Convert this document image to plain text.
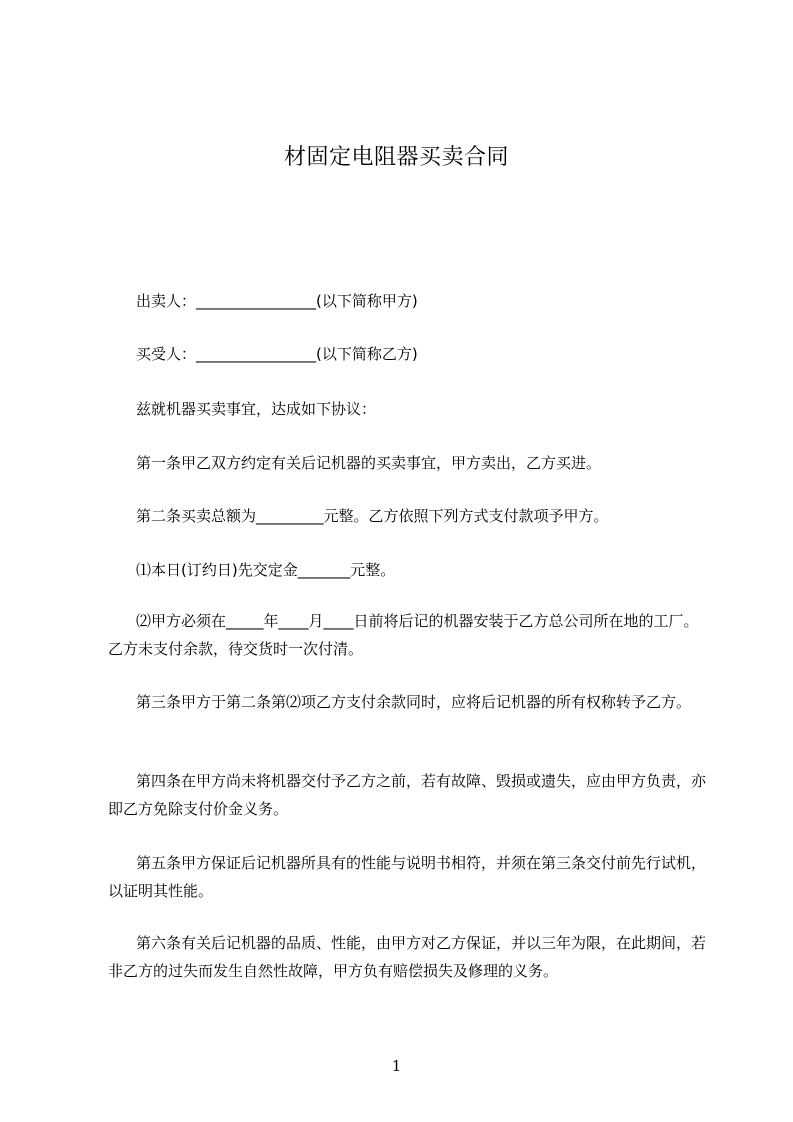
材固定电阻器买卖合同
出卖人：________________(以下简称甲方)
买受人：________________(以下简称乙方)
兹就机器买卖事宜，达成如下协议：
第一条甲乙双方约定有关后记机器的买卖事宜，甲方卖出，乙方买进。
第二条买卖总额为_________元整。乙方依照下列方式支付款项予甲方。
⑴本日(订约日)先交定金_______元整。
⑵甲方必须在_____年____月____日前将后记的机器安装于乙方总公司所在地的工厂。乙方未支付余款，待交货时一次付清。
第三条甲方于第二条第⑵项乙方支付余款同时，应将后记机器的所有权称转予乙方。
第四条在甲方尚未将机器交付予乙方之前，若有故障、毁损或遗失，应由甲方负责，亦即乙方免除支付价金义务。
第五条甲方保证后记机器所具有的性能与说明书相符，并须在第三条交付前先行试机，以证明其性能。
第六条有关后记机器的品质、性能，由甲方对乙方保证，并以三年为限，在此期间，若非乙方的过失而发生自然性故障，甲方负有赔偿损失及修理的义务。
1
